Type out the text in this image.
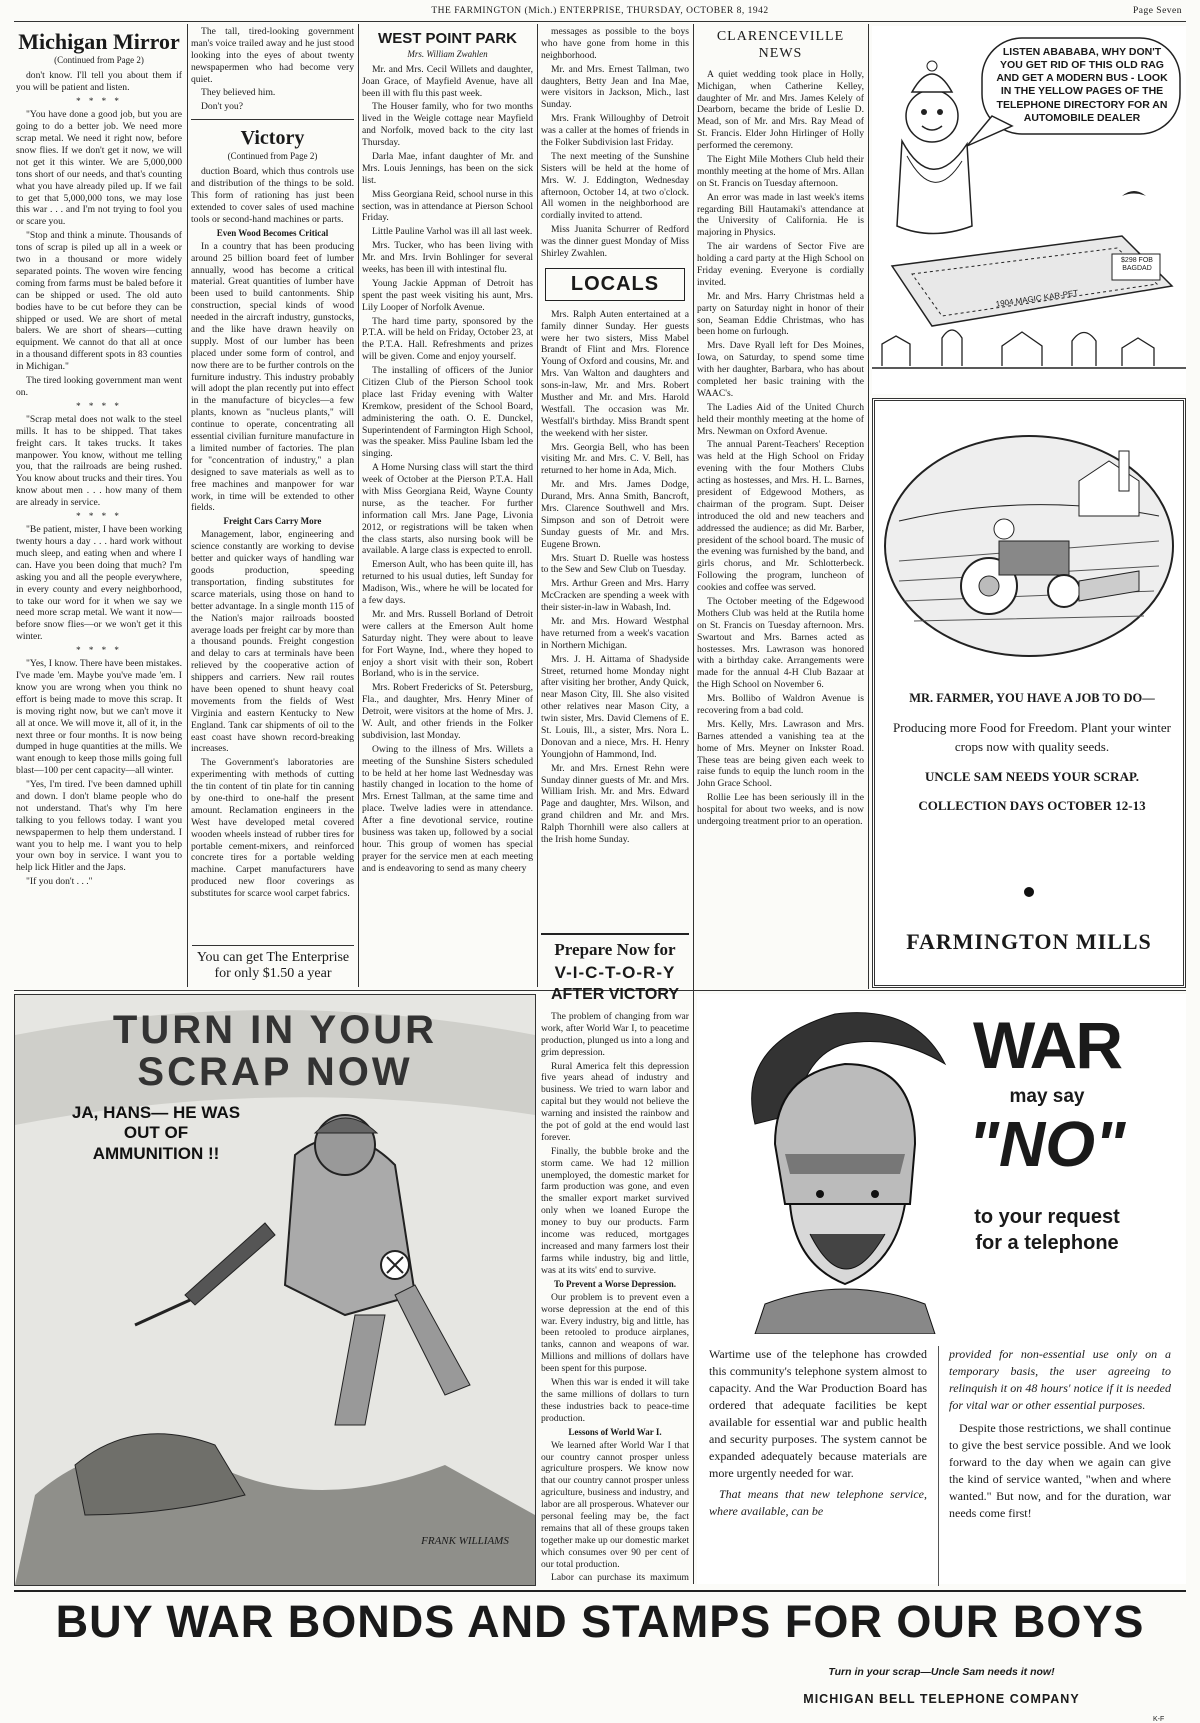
THE FARMINGTON (Mich.) ENTERPRISE, THURSDAY, OCTOBER 8, 1942	Page Seven
Michigan Mirror
(Continued from Page 2)

don't know. I'll tell you about them if you will be patient and listen.

* * * *

"You have done a good job, but you are going to do a better job. We need more scrap metal. We need it right now, before snow flies. If we don't get it now, we will not get it this winter. We are 5,000,000 tons short of our needs, and that's counting what you have already piled up. If we fail to get that 5,000,000 tons, we may lose this war . . . and I'm not trying to fool you or scare you.

"Stop and think a minute. Thousands of tons of scrap is piled up all in a week or two in a thousand or more widely separated points. The woven wire fencing coming from farms must be baled before it can be shipped or used. The old auto bodies have to be cut before they can be shipped or used. We are short of metal balers. We are short of shears—cutting equipment. We cannot do that all at once in a thousand different spots in 83 counties in Michigan."

The tired looking government man went on.

* * * *

"Scrap metal does not walk to the steel mills. It has to be shipped. That takes freight cars. It takes trucks. It takes manpower. You know, without me telling you, that the railroads are being rushed. You know about trucks and their tires. You know about men . . . how many of them are already in service.

* * * *

"Be patient, mister, I have been working twenty hours a day . . . hard work without much sleep, and eating when and where I can. Have you been doing that much? I'm asking you and all the people everywhere, in every county and every neighborhood, to take our word for it when we say we need more scrap metal. We want it now—before snow flies—or we won't get it this winter.

* * * *

"Yes, I know. There have been mistakes. I've made 'em. Maybe you've made 'em. I know you are wrong when you think no effort is being made to move this scrap. It is moving right now, but we can't move it all at once. We will move it, all of it, in the next three or four months. It is now being dumped in huge quantities at the mills. We want enough to keep those mills going full blast—100 per cent capacity—all winter.

"Yes, I'm tired. I've been damned uphill and down. I don't blame people who do not understand. That's why I'm here talking to you fellows today. I want you newspapermen to help them understand. I want you to help me. I want you to help your own boy in service. I want you to help lick Hitler and the Japs.

"If you don't . . ."

The tall, tired-looking government man's voice trailed away and he just stood looking into the eyes of about twenty newspapermen who had become very quiet.

They believed him.

Don't you?

Victory
(Continued from Page 2)

duction Board, which thus controls use and distribution of the things to be sold. This form of rationing has just been extended to cover sales of used machine tools or second-hand machines or parts.

Even Wood Becomes Critical

In a country that has been producing around 25 billion board feet of lumber annually, wood has become a critical material. Great quantities of lumber have been used to build cantonments. Ship construction, special kinds of wood needed in the aircraft industry, gunstocks, and the like have drawn heavily on supply. Most of our lumber has been placed under some form of control, and now there are to be further controls on the furniture industry. This industry probably will adopt the plan recently put into effect in the manufacture of bicycles—a few plants, known as "nucleus plants," will continue to operate, concentrating all essential civilian furniture manufacture in a limited number of factories. The plan for "concentration of industry," a plan designed to save materials as well as to free machines and manpower for war work, in time will be extended to other fields.

Freight Cars Carry More

Management, labor, engineering and science constantly are working to devise better and quicker ways of handling war goods production, speeding transportation, finding substitutes for scarce materials, using those on hand to better advantage. In a single month 115 of the Nation's major railroads boosted average loads per freight car by more than a thousand pounds. Freight congestion and delay to cars at terminals have been relieved by the cooperative action of shippers and carriers. New rail routes have been opened to shunt heavy coal movements from the fields of West Virginia and eastern Kentucky to New England. Tank car shipments of oil to the east coast have shown record-breaking increases.

The Government's laboratories are experimenting with methods of cutting the tin content of tin plate for tin canning by one-third to one-half the present amount. Reclamation engineers in the West have developed metal covered wooden wheels instead of rubber tires for portable cement-mixers, and reinforced concrete tires for a portable welding machine. Carpet manufacturers have produced new floor coverings as substitutes for scarce wool carpet fabrics.

You can get The Enterprise for only $1.50 a year
WEST POINT PARK
Mrs. William Zwahlen

Mr. and Mrs. Cecil Willets and daughter, Joan Grace, of Mayfield Avenue, have all been ill with flu this past week.

The Houser family, who for two months lived in the Weigle cottage near Mayfield and Norfolk, moved back to the city last Thursday.

Darla Mae, infant daughter of Mr. and Mrs. Louis Jennings, has been on the sick list.

Miss Georgiana Reid, school nurse in this section, was in attendance at Pierson School Friday.

Little Pauline Varhol was ill all last week.

Mrs. Tucker, who has been living with Mr. and Mrs. Irvin Bohlinger for several weeks, has been ill with intestinal flu.

Young Jackie Appman of Detroit has spent the past week visiting his aunt, Mrs. Lily Looper of Norfolk Avenue.

The hard time party, sponsored by the P.T.A. will be held on Friday, October 23, at the P.T.A. Hall. Refreshments and prizes will be given. Come and enjoy yourself.

The installing of officers of the Junior Citizen Club of the Pierson School took place last Friday evening with Walter Kremkow, president of the School Board, administering the oath. O. E. Dunckel, Superintendent of Farmington High School, was the speaker. Miss Pauline Isbam led the singing.

A Home Nursing class will start the third week of October at the Pierson P.T.A. Hall with Miss Georgiana Reid, Wayne County nurse, as the teacher. For further information call Mrs. Jane Page, Livonia 2012, or registrations will be taken when the class starts, also nursing book will be available. A large class is expected to enroll.

Emerson Ault, who has been quite ill, has returned to his usual duties, left Sunday for Madison, Wis., where he will be located for a few days.

Mr. and Mrs. Russell Borland of Detroit were callers at the Emerson Ault home Saturday night. They were about to leave for Fort Wayne, Ind., where they hoped to enjoy a short visit with their son, Robert Borland, who is in the service.

Mrs. Robert Fredericks of St. Petersburg, Fla., and daughter, Mrs. Henry Miner of Detroit, were visitors at the home of Mrs. J. W. Ault, and other friends in the Folker subdivision, last Monday.

Owing to the illness of Mrs. Willets a meeting of the Sunshine Sisters scheduled to be held at her home last Wednesday was hastily changed in location to the home of Mrs. Ernest Tallman, at the same time and place. Twelve ladies were in attendance. After a fine devotional service, routine business was taken up, followed by a social hour. This group of women has special prayer for the service men at each meeting and is endeavoring to send as many cheery

messages as possible to the boys who have gone from home in this neighborhood.

Mr. and Mrs. Ernest Tallman, two daughters, Betty Jean and Ina Mae, were visitors in Jackson, Mich., last Sunday.

Mrs. Frank Willoughby of Detroit was a caller at the homes of friends in the Folker Subdivision last Friday.

The next meeting of the Sunshine Sisters will be held at the home of Mrs. W. J. Eddington, Wednesday afternoon, October 14, at two o'clock. All women in the neighborhood are cordially invited to attend.

Miss Juanita Schurrer of Redford was the dinner guest Monday of Miss Shirley Zwahlen.

LOCALS

Mrs. Ralph Auten entertained at a family dinner Sunday. Her guests were her two sisters, Miss Mabel Brandt of Flint and Mrs. Florence Young of Oxford and cousins, Mr. and Mrs. Van Walton and daughters and sons-in-law, Mr. and Mrs. Robert Musther and Mr. and Mrs. Harold Westfall. The occasion was Mr. Westfall's birthday. Miss Brandt spent the weekend with her sister.

Mrs. Georgia Bell, who has been visiting Mr. and Mrs. C. V. Bell, has returned to her home in Ada, Mich.

Mr. and Mrs. James Dodge, Durand, Mrs. Anna Smith, Bancroft, Mrs. Clarence Southwell and Mrs. Simpson and son of Detroit were Sunday guests of Mr. and Mrs. Eugene Brown.

Mrs. Stuart D. Ruelle was hostess to the Sew and Sew Club on Tuesday.

Mrs. Arthur Green and Mrs. Harry McCracken are spending a week with their sister-in-law in Wabash, Ind.

Mr. and Mrs. Howard Westphal have returned from a week's vacation in Northern Michigan.

Mrs. J. H. Aittama of Shadyside Street, returned home Monday night after visiting her brother, Andy Quick, near Mason City, Ill. She also visited other relatives near Mason City, a twin sister, Mrs. David Clemens of E. St. Louis, Ill., a sister, Mrs. Nora L. Donovan and a niece, Mrs. H. Henry Youngjohn of Hammond, Ind.

Mr. and Mrs. Ernest Rehn were Sunday dinner guests of Mr. and Mrs. William Irish. Mr. and Mrs. Edward Page and daughter, Mrs. Wilson, and grand children and Mr. and Mrs. Ralph Thornhill were also callers at the Irish home Sunday.

CLARENCEVILLE NEWS

A quiet wedding took place in Holly, Michigan, when Catherine Kelley, daughter of Mr. and Mrs. James Kelely of Dearborn, became the bride of Leslie D. Mead, son of Mr. and Mrs. Ray Mead of St. Francis. Elder John Hirlinger of Holly performed the ceremony.

The Eight Mile Mothers Club held their monthly meeting at the home of Mrs. Allan on St. Francis on Tuesday afternoon.

An error was made in last week's items regarding Bill Hautamaki's attendance at the University of California. He is majoring in Physics.

The air wardens of Sector Five are holding a card party at the High School on Friday evening. Everyone is cordially invited.

Mr. and Mrs. Harry Christmas held a party on Saturday night in honor of their son, Seaman Eddie Christmas, who has been home on furlough.

Mrs. Dave Ryall left for Des Moines, Iowa, on Saturday, to spend some time with her daughter, Barbara, who has about completed her basic training with the WAAC's.

The Ladies Aid of the United Church held their monthly meeting at the home of Mrs. Newman on Oxford Avenue.

The annual Parent-Teachers' Reception was held at the High School on Friday evening with the four Mothers Clubs acting as hostesses, and Mrs. H. L. Barnes, president of Edgewood Mothers, as chairman of the program. Supt. Deiser introduced the old and new teachers and addressed the audience; as did Mr. Barber, president of the school board. The music of the evening was furnished by the band, and girls chorus, and Mr. Schlotterbeck. Following the program, luncheon of cookies and coffee was served.

The October meeting of the Edgewood Mothers Club was held at the Rutila home on St. Francis on Tuesday afternoon. Mrs. Swartout and Mrs. Barnes acted as hostesses. Mrs. Lawrason was honored with a birthday cake. Arrangements were made for the annual 4-H Club Bazaar at the High School on November 6.

Mrs. Bollibo of Waldron Avenue is recovering from a bad cold.

Mrs. Kelly, Mrs. Lawrason and Mrs. Barnes attended a vanishing tea at the home of Mrs. Meyner on Inkster Road. These teas are being given each week to raise funds to equip the lunch room in the John Grace School.

Rollie Lee has been seriously ill in the hospital for about two weeks, and is now undergoing treatment prior to an operation.

LISTEN ABABABA, WHY DON'T YOU GET RID OF THIS OLD RAG AND GET A MODERN BUS - LOOK IN THE YELLOW PAGES OF THE TELEPHONE DIRECTORY FOR AN AUTOMOBILE DEALER
$298 FOB BAGDAD
1904 MAGIC KAR-PET
MR. FARMER, YOU HAVE A JOB TO DO—
Producing more Food for Freedom. Plant your winter crops now with quality seeds.
UNCLE SAM NEEDS YOUR SCRAP.
COLLECTION DAYS OCTOBER 12-13
FARMINGTON MILLS
TURN IN YOUR SCRAP NOW
JA, HANS— HE WAS OUT OF AMMUNITION !!
FRANK WILLIAMS
Prepare Now for
V-I-C-T-O-R-Y
AFTER VICTORY

The problem of changing from war work, after World War I, to peacetime production, plunged us into a long and grim depression.

Rural America felt this depression five years ahead of industry and business. We tried to warn labor and capital but they would not believe the warning and insisted the rainbow and the pot of gold at the end would last forever.

Finally, the bubble broke and the storm came. We had 12 million unemployed, the domestic market for farm production was gone, and even the smaller export market survived only when we loaned Europe the money to buy our products. Farm income was reduced, mortgages increased and many farmers lost their farms while industry, big and little, was at its wits' end to survive.

To Prevent a Worse Depression.

Our problem is to prevent even a worse depression at the end of this war. Every industry, big and little, has been retooled to produce airplanes, tanks, cannon and weapons of war. Millions and millions of dollars have been spent for this purpose.

When this war is ended it will take the same millions of dollars to turn these industries back to peace-time production.

Lessons of World War I.

We learned after World War I that our country cannot prosper unless agriculture prospers. We know now that our country cannot prosper unless agriculture, business and industry, and labor are all prosperous. Whatever our personal feeling may be, the fact remains that all of these groups taken together make up our domestic market which consumes over 90 per cent of our total production.

Labor can purchase its maximum

WAR
may say
"NO"
to your request
for a telephone
Wartime use of the telephone has crowded this community's telephone system almost to capacity. And the War Production Board has ordered that adequate facilities be kept available for essential war and public health and security purposes. The system cannot be expanded adequately because materials are more urgently needed for war.
That means that new telephone service, where available, can be
provided for non-essential use only on a temporary basis, the user agreeing to relinquish it on 48 hours' notice if it is needed for vital war or other essential purposes.
Despite those restrictions, we shall continue to give the best service possible. And we look forward to the day when we again can give the kind of service wanted, "when and where wanted." But now, and for the duration, war needs come first!
Turn in your scrap—Uncle Sam needs it now!
MICHIGAN BELL TELEPHONE COMPANY
K-F
BUY WAR BONDS AND STAMPS FOR OUR BOYS
